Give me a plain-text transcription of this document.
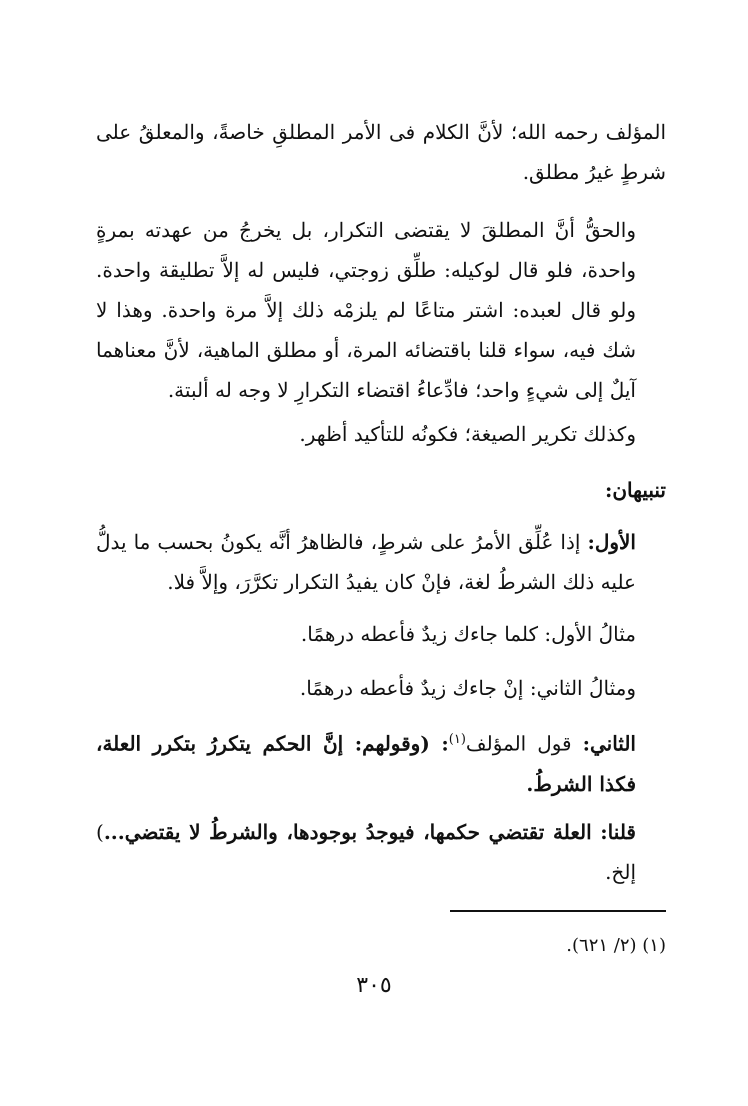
المؤلف رحمه الله؛ لأنَّ الكلام فى الأمر المطلقِ خاصةً، والمعلقُ على شرطٍ غيرُ مطلق.

والحقُّ أنَّ المطلقَ لا يقتضى التكرار، بل يخرجُ من عهدته بمرةٍ واحدة، فلو قال لوكيله: طلِّق زوجتي، فليس له إلاَّ تطليقة واحدة. ولو قال لعبده: اشتر متاعًا لم يلزمْه ذلك إلاَّ مرة واحدة. وهذا لا شك فيه، سواء قلنا باقتضائه المرة، أو مطلق الماهية، لأنَّ معناهما آيلٌ إلى شيءٍ واحد؛ فادِّعاءُ اقتضاء التكرارِ لا وجه له ألبتة.

وكذلك تكرير الصيغة؛ فكونُه للتأكيد أظهر.

تنبيهان:

الأول: إذا عُلِّق الأمرُ على شرطٍ، فالظاهرُ أنَّه يكونُ بحسب ما يدلُّ عليه ذلك الشرطُ لغة، فإنْ كان يفيدُ التكرار تكرَّرَ، وإلاَّ فلا.

مثالُ الأول: كلما جاءك زيدٌ فأعطه درهمًا.

ومثالُ الثاني: إنْ جاءك زيدٌ فأعطه درهمًا.

الثاني: قول المؤلف$^{(١)}$: (وقولهم: إنَّ الحكم يتكررُ بتكرر العلة، فكذا الشرطُ.

قلنا: العلة تقتضي حكمها، فيوجدُ بوجودها، والشرطُ لا يقتضي...) إلخ.

(١) (٢/ ٦٢١).

٣٠٥
